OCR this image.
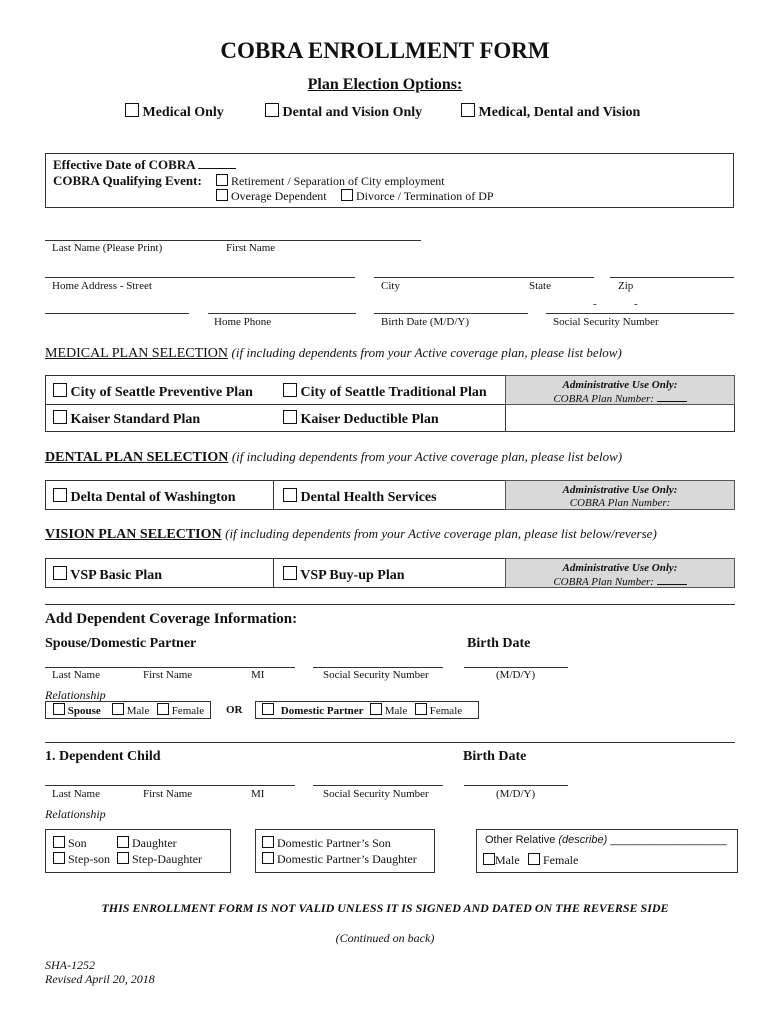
COBRA ENROLLMENT FORM
Plan Election Options:
Medical Only	Dental and Vision Only	Medical, Dental and Vision
Effective Date of COBRA
COBRA Qualifying Event:	Retirement / Separation of City employment
Overage Dependent	Divorce / Termination of DP
Last Name (Please Print)	First Name
Home Address - Street	City	State	Zip
-	-
Home Phone	Birth Date (M/D/Y)	Social Security Number
MEDICAL PLAN SELECTION (if including dependents from your Active coverage plan, please list below)
City of Seattle Preventive Plan	City of Seattle Traditional Plan
Kaiser Standard Plan	Kaiser Deductible Plan
Administrative Use Only:
COBRA Plan Number:
DENTAL PLAN SELECTION (if including dependents from your Active coverage plan, please list below)
Delta Dental of Washington	Dental Health Services	Administrative Use Only:
COBRA Plan Number:
VISION PLAN SELECTION (if including dependents from your Active coverage plan, please list below/reverse)
VSP Basic Plan	VSP Buy-up Plan	Administrative Use Only:
COBRA Plan Number:
Add Dependent Coverage Information:
Spouse/Domestic Partner	Birth Date
Last Name	First Name	MI	Social Security Number	(M/D/Y)
Relationship
Spouse	Male	Female OR	Domestic Partner	Male	Female
1. Dependent Child	Birth Date
Last Name	First Name	MI	Social Security Number	(M/D/Y)
Relationship
Son	Daughter
Step-son	Step-Daughter
Domestic Partner’s Son
Domestic Partner’s Daughter
Other Relative (describe) ___________________
Male	Female
THIS ENROLLMENT FORM IS NOT VALID UNLESS IT IS SIGNED AND DATED ON THE REVERSE SIDE
(Continued on back)
SHA-1252
Revised April 20, 2018
